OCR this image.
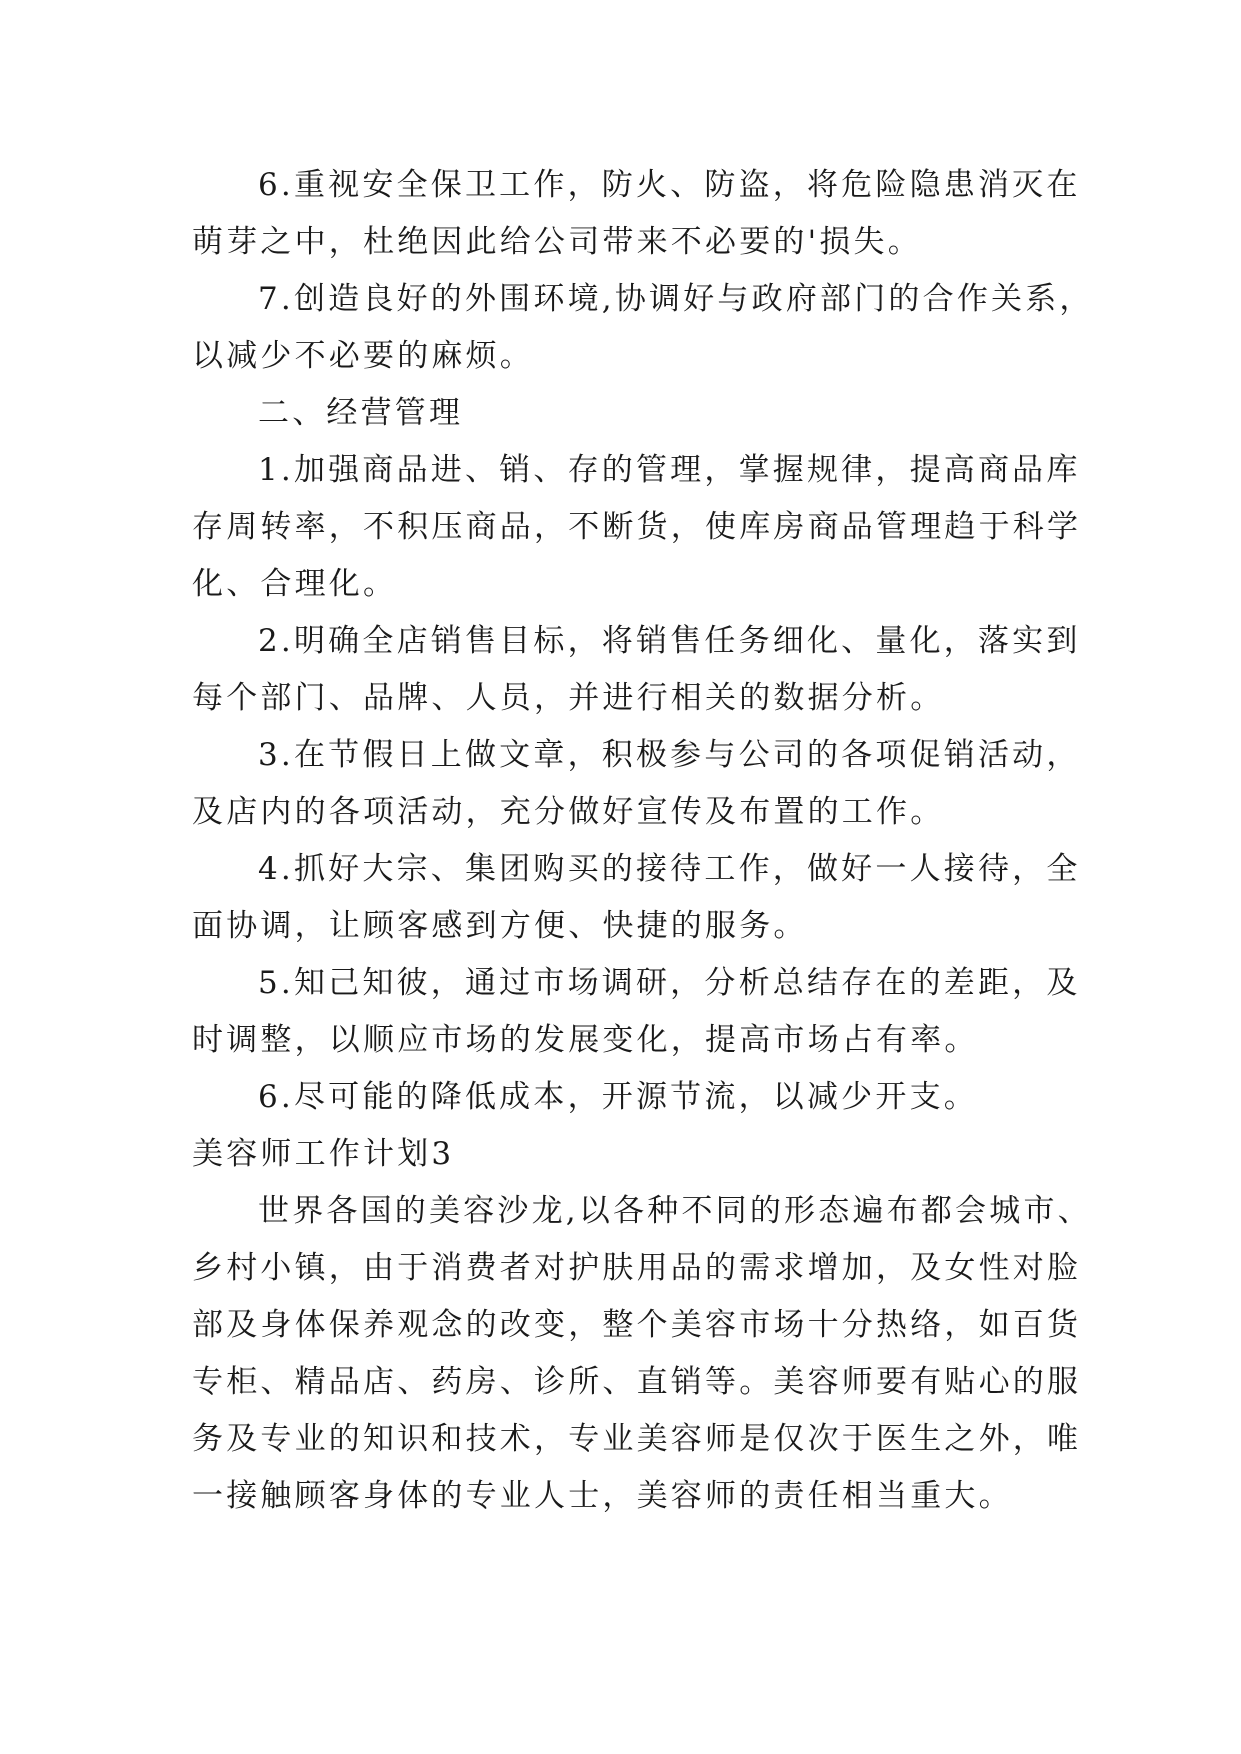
6.重视安全保卫工作，防火、防盗，将危险隐患消灭在

萌芽之中，杜绝因此给公司带来不必要的'损失。

7.创造良好的外围环境,协调好与政府部门的合作关系，

以减少不必要的麻烦。

二、经营管理

1.加强商品进、销、存的管理，掌握规律，提高商品库

存周转率，不积压商品，不断货，使库房商品管理趋于科学

化、合理化。

2.明确全店销售目标，将销售任务细化、量化，落实到

每个部门、品牌、人员，并进行相关的数据分析。

3.在节假日上做文章，积极参与公司的各项促销活动，

及店内的各项活动，充分做好宣传及布置的工作。

4.抓好大宗、集团购买的接待工作，做好一人接待，全

面协调，让顾客感到方便、快捷的服务。

5.知己知彼，通过市场调研，分析总结存在的差距，及

时调整，以顺应市场的发展变化，提高市场占有率。

6.尽可能的降低成本，开源节流，以减少开支。

美容师工作计划3

世界各国的美容沙龙,以各种不同的形态遍布都会城市、

乡村小镇，由于消费者对护肤用品的需求增加，及女性对脸

部及身体保养观念的改变，整个美容市场十分热络，如百货

专柜、精品店、药房、诊所、直销等。美容师要有贴心的服

务及专业的知识和技术，专业美容师是仅次于医生之外，唯

一接触顾客身体的专业人士，美容师的责任相当重大。
